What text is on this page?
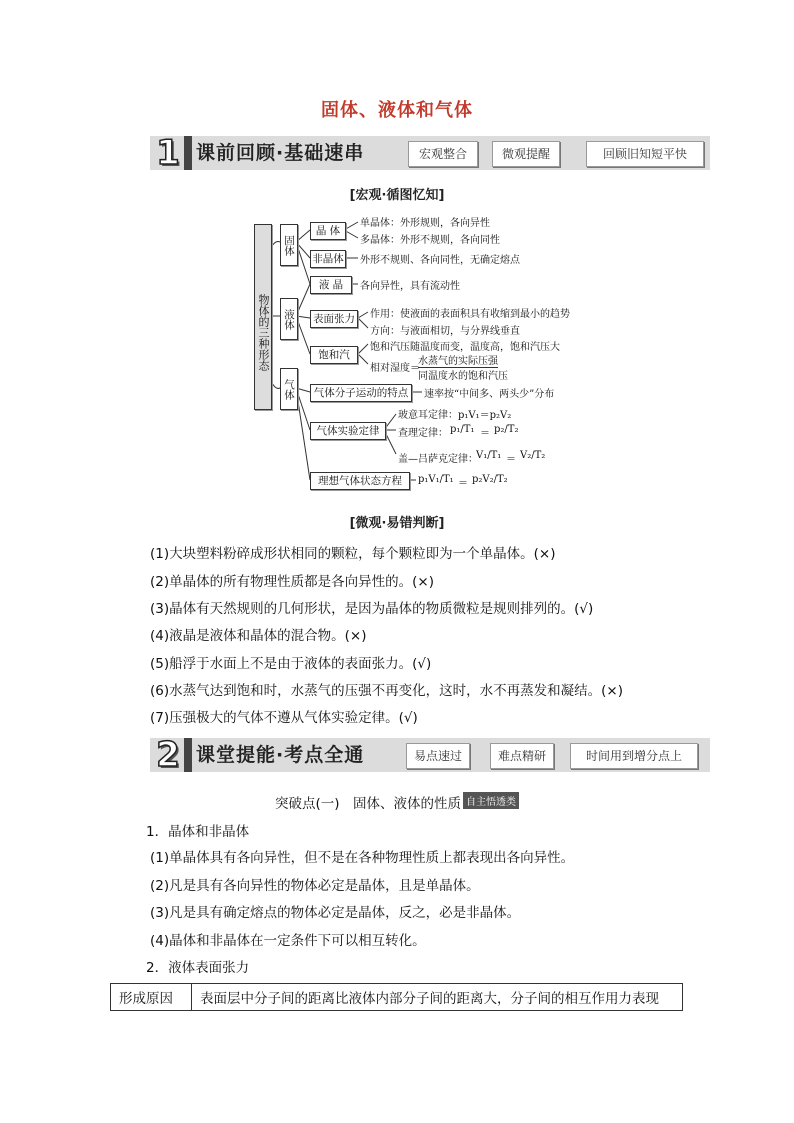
固体、液体和气体
1 课前回顾·基础速串	宏观整合	微观提醒	回顾旧知短平快
[宏观·循图忆知]
物体的三种形态
固体
液体
气体
晶 体
单晶体：外形规则，各向异性
多晶体：外形不规则，各向同性
非晶体 外形不规则、各向同性，无确定熔点
液 晶	各向异性，具有流动性
表面张力	作用：使液面的表面积具有收缩到最小的趋势
方向：与液面相切，与分界线垂直
饱和汽
饱和汽压随温度而变，温度高，饱和汽压大
相对湿度＝
水蒸气的实际压强
同温度水的饱和汽压
气体分子运动的特点	速率按“中间多、两头少”分布
气体实验定律
玻意耳定律：p₁V₁＝p₂V₂
查理定律： p₁/T₁ ＝ p₂/T₂
盖—吕萨克定律：
V₁/T₁ ＝ V₂/T₂
理想气体状态方程	p₁V₁/T₁ ＝ p₂V₂/T₂
[微观·易错判断]
(1)大块塑料粉碎成形状相同的颗粒，每个颗粒即为一个单晶体。(×)
(2)单晶体的所有物理性质都是各向异性的。(×)
(3)晶体有天然规则的几何形状，是因为晶体的物质微粒是规则排列的。(√)
(4)液晶是液体和晶体的混合物。(×)
(5)船浮于水面上不是由于液体的表面张力。(√)
(6)水蒸气达到饱和时，水蒸气的压强不再变化，这时，水不再蒸发和凝结。(×)
(7)压强极大的气体不遵从气体实验定律。(√)
2 课堂提能·考点全通	易点速过	难点精研	时间用到增分点上
突破点(一)　固体、液体的性质 自主悟透类
1．晶体和非晶体
(1)单晶体具有各向异性，但不是在各种物理性质上都表现出各向异性。
(2)凡是具有各向异性的物体必定是晶体，且是单晶体。
(3)凡是具有确定熔点的物体必定是晶体，反之，必是非晶体。
(4)晶体和非晶体在一定条件下可以相互转化。
2．液体表面张力
形成原因	表面层中分子间的距离比液体内部分子间的距离大，分子间的相互作用力表现
